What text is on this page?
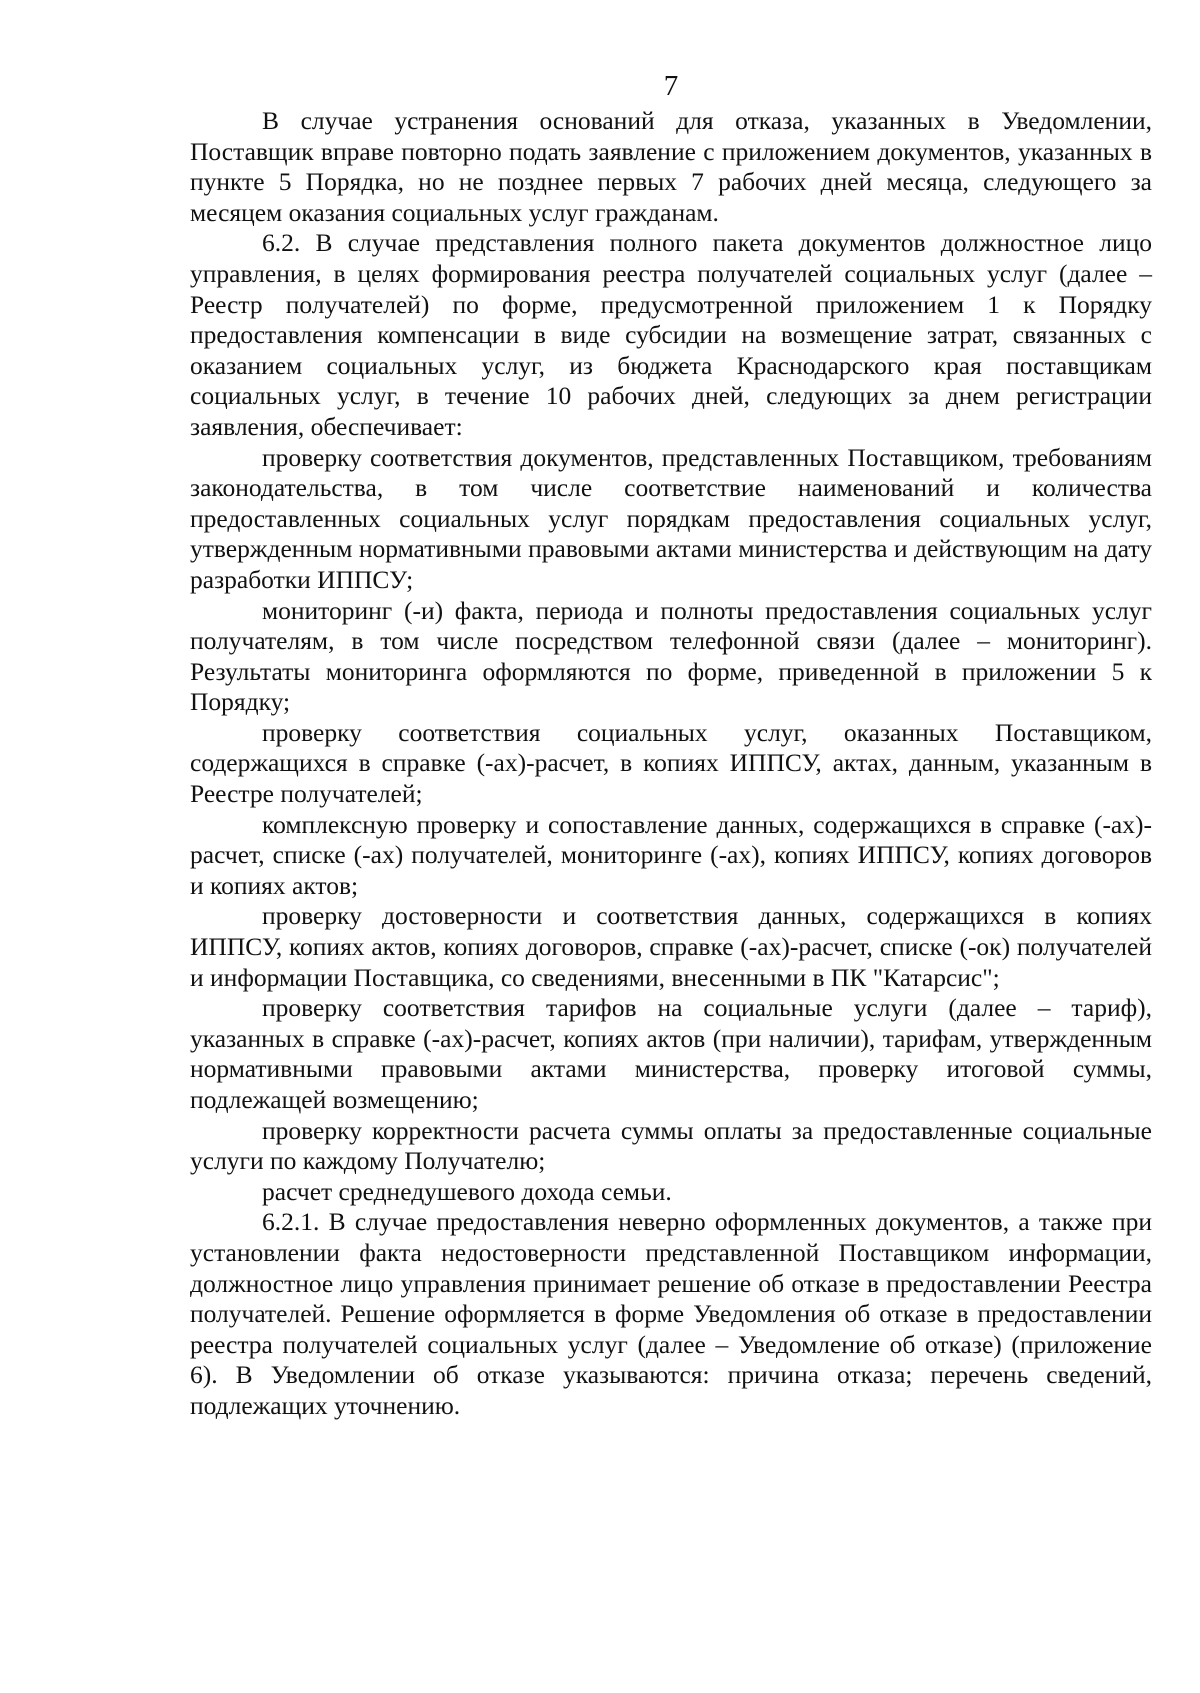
7

В случае устранения оснований для отказа, указанных в Уведомлении, Поставщик вправе повторно подать заявление с приложением документов, указанных в пункте 5 Порядка, но не позднее первых 7 рабочих дней месяца, следующего за месяцем оказания социальных услуг гражданам.

6.2. В случае представления полного пакета документов должностное лицо управления, в целях формирования реестра получателей социальных услуг (далее – Реестр получателей) по форме, предусмотренной приложением 1 к Порядку предоставления компенсации в виде субсидии на возмещение затрат, связанных с оказанием социальных услуг, из бюджета Краснодарского края поставщикам социальных услуг, в течение 10 рабочих дней, следующих за днем регистрации заявления, обеспечивает:

проверку соответствия документов, представленных Поставщиком, требованиям законодательства, в том числе соответствие наименований и количества предоставленных социальных услуг порядкам предоставления социальных услуг, утвержденным нормативными правовыми актами министерства и действующим на дату разработки ИППСУ;

мониторинг (-и) факта, периода и полноты предоставления социальных услуг получателям, в том числе посредством телефонной связи (далее – мониторинг). Результаты мониторинга оформляются по форме, приведенной в приложении 5 к Порядку;

проверку соответствия социальных услуг, оказанных Поставщиком, содержащихся в справке (-ах)-расчет, в копиях ИППСУ, актах, данным, указанным в Реестре получателей;

комплексную проверку и сопоставление данных, содержащихся в справке (-ах)-расчет, списке (-ах) получателей, мониторинге (-ах), копиях ИППСУ, копиях договоров и копиях актов;

проверку достоверности и соответствия данных, содержащихся в копиях ИППСУ, копиях актов, копиях договоров, справке (-ах)-расчет, списке (-ок) получателей и информации Поставщика, со сведениями, внесенными в ПК "Катарсис";

проверку соответствия тарифов на социальные услуги (далее – тариф), указанных в справке (-ах)-расчет, копиях актов (при наличии), тарифам, утвержденным нормативными правовыми актами министерства, проверку итоговой суммы, подлежащей возмещению;

проверку корректности расчета суммы оплаты за предоставленные социальные услуги по каждому Получателю;

расчет среднедушевого дохода семьи.

6.2.1. В случае предоставления неверно оформленных документов, а также при установлении факта недостоверности представленной Поставщиком информации, должностное лицо управления принимает решение об отказе в предоставлении Реестра получателей. Решение оформляется в форме Уведомления об отказе в предоставлении реестра получателей социальных услуг (далее – Уведомление об отказе) (приложение 6). В Уведомлении об отказе указываются: причина отказа; перечень сведений, подлежащих уточнению.
